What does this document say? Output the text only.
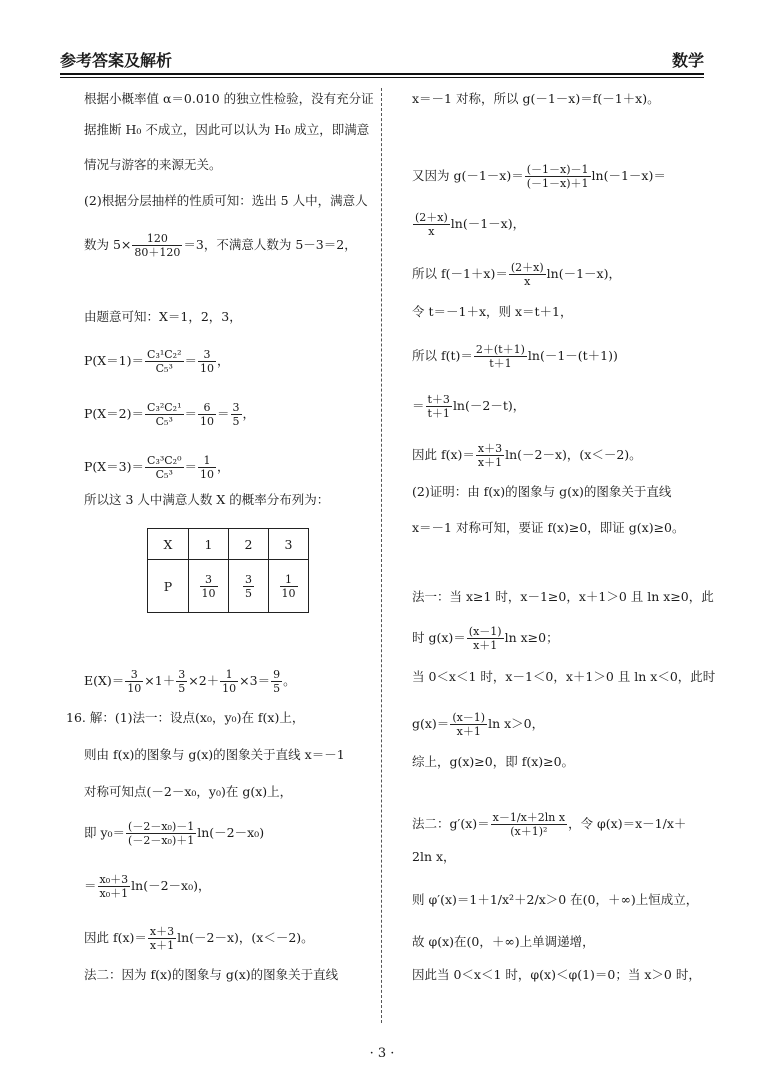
参考答案及解析	数学
根据小概率值 α＝0.010 的独立性检验，没有充分证
据推断 H₀ 不成立，因此可以认为 H₀ 成立，即满意
情况与游客的来源无关。
(2)根据分层抽样的性质可知：选出 5 人中，满意人
数为 $5\times \frac{120}{80+120} =3$，不满意人数为 5－3＝2，
由题意可知：X＝1，2，3，
$P(X=1)= \frac{\text{C₃¹C₂²}}{\text{C₅³}} = \frac{3}{10}$ ，
$P(X=2)= \frac{\text{C₃²C₂¹}}{\text{C₅³}} = \frac{6}{10} = \frac{3}{5}$ ，
$P(X=3)= \frac{\text{C₃³C₂⁰}}{\text{C₅³}} = \frac{1}{10}$ ，
所以这 3 人中满意人数 X 的概率分布列为：
$E(X)= \frac{3}{10} \times 1+ \frac{3}{5} \times 2+ \frac{1}{10} \times 3= \frac{9}{5}$ 。
16. 解：(1)法一：设点(x₀，y₀)在 f(x)上，
则由 f(x)的图象与 g(x)的图象关于直线 x＝－1
对称可知点(－2－x₀，y₀)在 g(x)上，
即 $y_0= \frac{\text{(－2－x₀)－1}}{\text{(－2－x₀)＋1}} \ln(-2-x_0)$
＝ $\frac{\text{x₀＋3}}{\text{x₀＋1}} \ln(-2-x_0)$，
因此 $f(x)= \frac{x+3}{x+1} \ln(-2-x)$，(x＜－2)。
法二：因为 f(x)的图象与 g(x)的图象关于直线
X	1	2	3
P	$\frac{3}{10}$	$\frac{3}{5}$	$\frac{1}{10}$
x＝－1 对称，所以 g(－1－x)＝f(－1＋x)。
又因为 $g(-1-x)= \frac{(-1-x)-1}{(-1-x)+1} \ln(-1-x)=$
$\frac{(2+x)}{x} \ln(-1-x)$，
所以 $f(-1+x)= \frac{(2+x)}{x} \ln(-1-x)$，
令 t＝－1＋x，则 x＝t＋1，
所以 $f(t)= \frac{2+(t+1)}{t+1} \ln(-1-(t+1))$
＝ $\frac{t+3}{t+1} \ln(-2-t)$，
因此 $f(x)= \frac{x+3}{x+1} \ln(-2-x)$，(x＜－2)。
(2)证明：由 f(x)的图象与 g(x)的图象关于直线
x＝－1 对称可知，要证 f(x)≥0，即证 g(x)≥0。
法一：当 x≥1 时，x－1≥0，x＋1＞0 且 ln x≥0，此
时 $g(x)= \frac{(x-1)}{x+1}$ ln x≥0；
当 0＜x＜1 时，x－1＜0，x＋1＞0 且 ln x＜0，此时
$g(x)= \frac{(x-1)}{x+1}$ ln x＞0，
综上，g(x)≥0，即 f(x)≥0。
法二：$g'(x)= \frac{\text{x－1/x＋2ln x}}{\text{(x＋1)²}}$ ，令 φ(x)＝x－1/x＋
2ln x，
则 φ′(x)＝1＋1/x²＋2/x＞0 在(0，＋∞)上恒成立，
故 φ(x)在(0，＋∞)上单调递增，
因此当 0＜x＜1 时，φ(x)＜φ(1)＝0；当 x＞0 时，
· 3 ·
